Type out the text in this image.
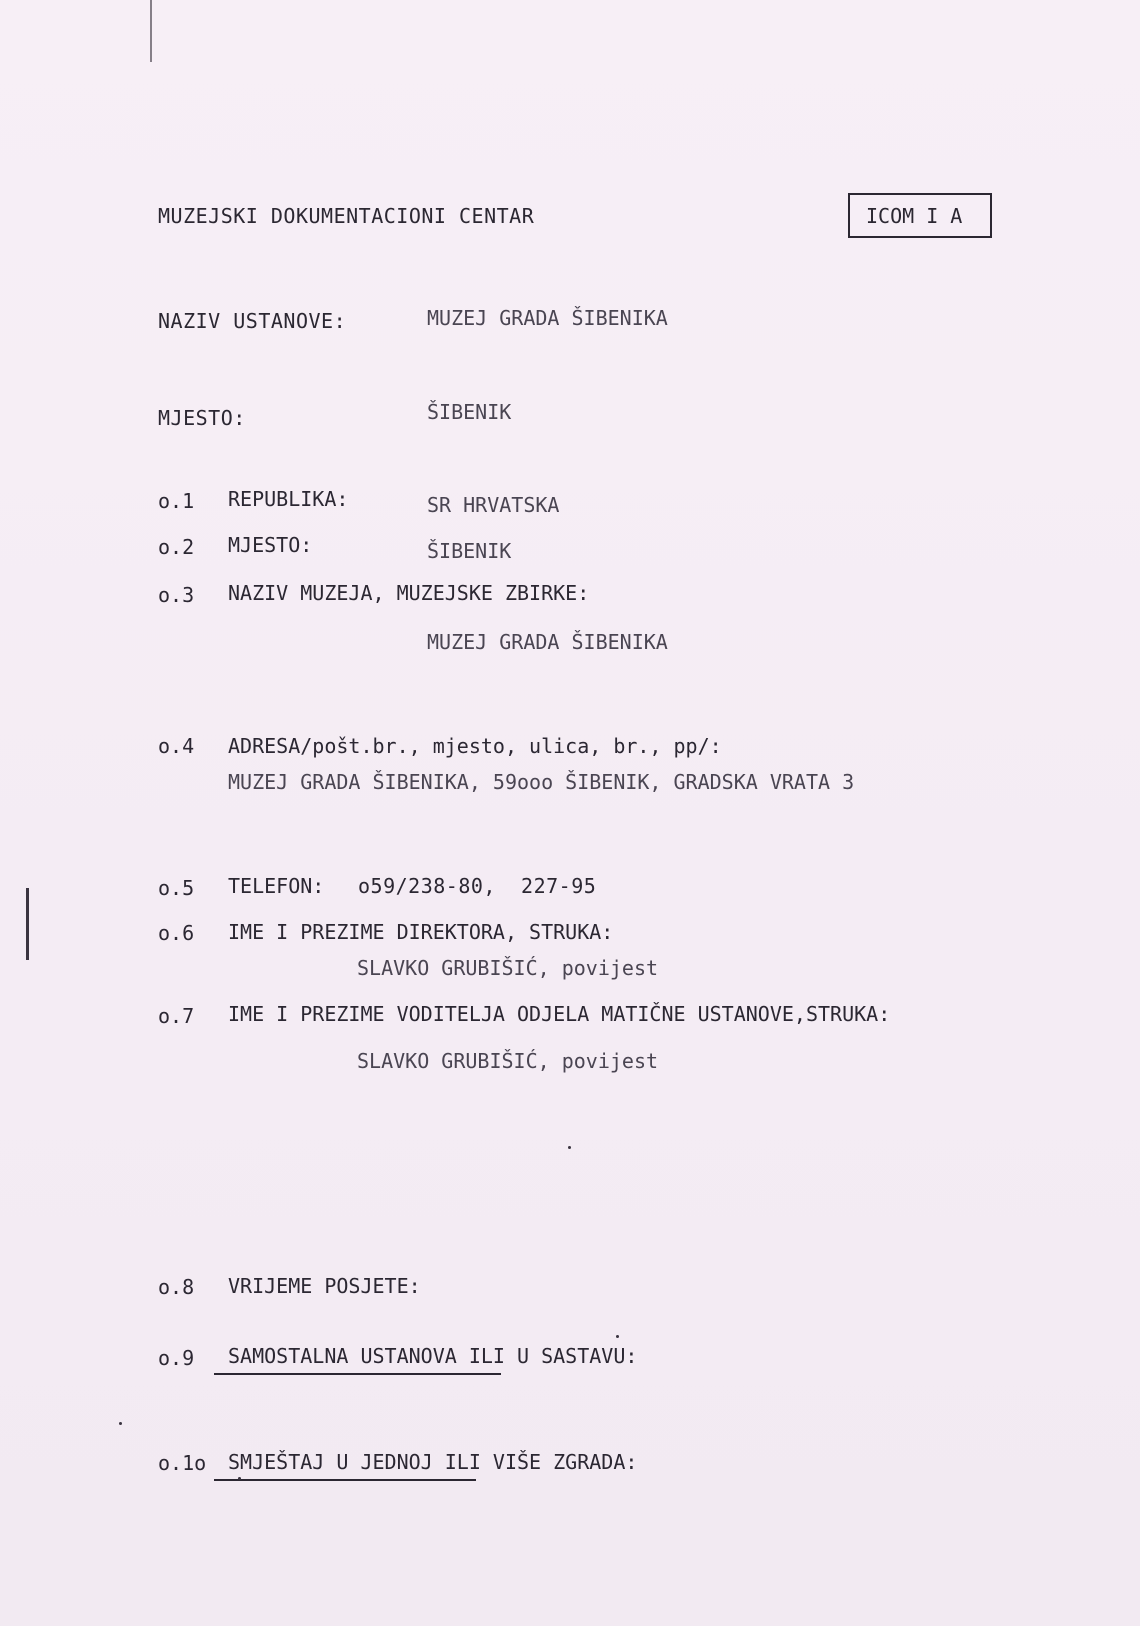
MUZEJSKI DOKUMENTACIONI CENTAR	ICOM I A
NAZIV USTANOVE:	MUZEJ GRADA ŠIBENIKA
MJESTO:	ŠIBENIK
o.1 REPUBLIKA:	SR HRVATSKA
o.2 MJESTO:	ŠIBENIK
o.3 NAZIV MUZEJA, MUZEJSKE ZBIRKE:
MUZEJ GRADA ŠIBENIKA
o.4 ADRESA/pošt.br., mjesto, ulica, br., pp/:
MUZEJ GRADA ŠIBENIKA, 59ooo ŠIBENIK, GRADSKA VRATA 3
o.5 TELEFON: o59/238-80,  227-95
o.6 IME I PREZIME DIREKTORA, STRUKA:
SLAVKO GRUBIŠIĆ, povijest
o.7 IME I PREZIME VODITELJA ODJELA MATIČNE USTANOVE,STRUKA:
SLAVKO GRUBIŠIĆ, povijest
o.8 VRIJEME POSJETE:
o.9 SAMOSTALNA USTANOVA ILI U SASTAVU:
o.1o SMJEŠTAJ U JEDNOJ ILI VIŠE ZGRADA:
